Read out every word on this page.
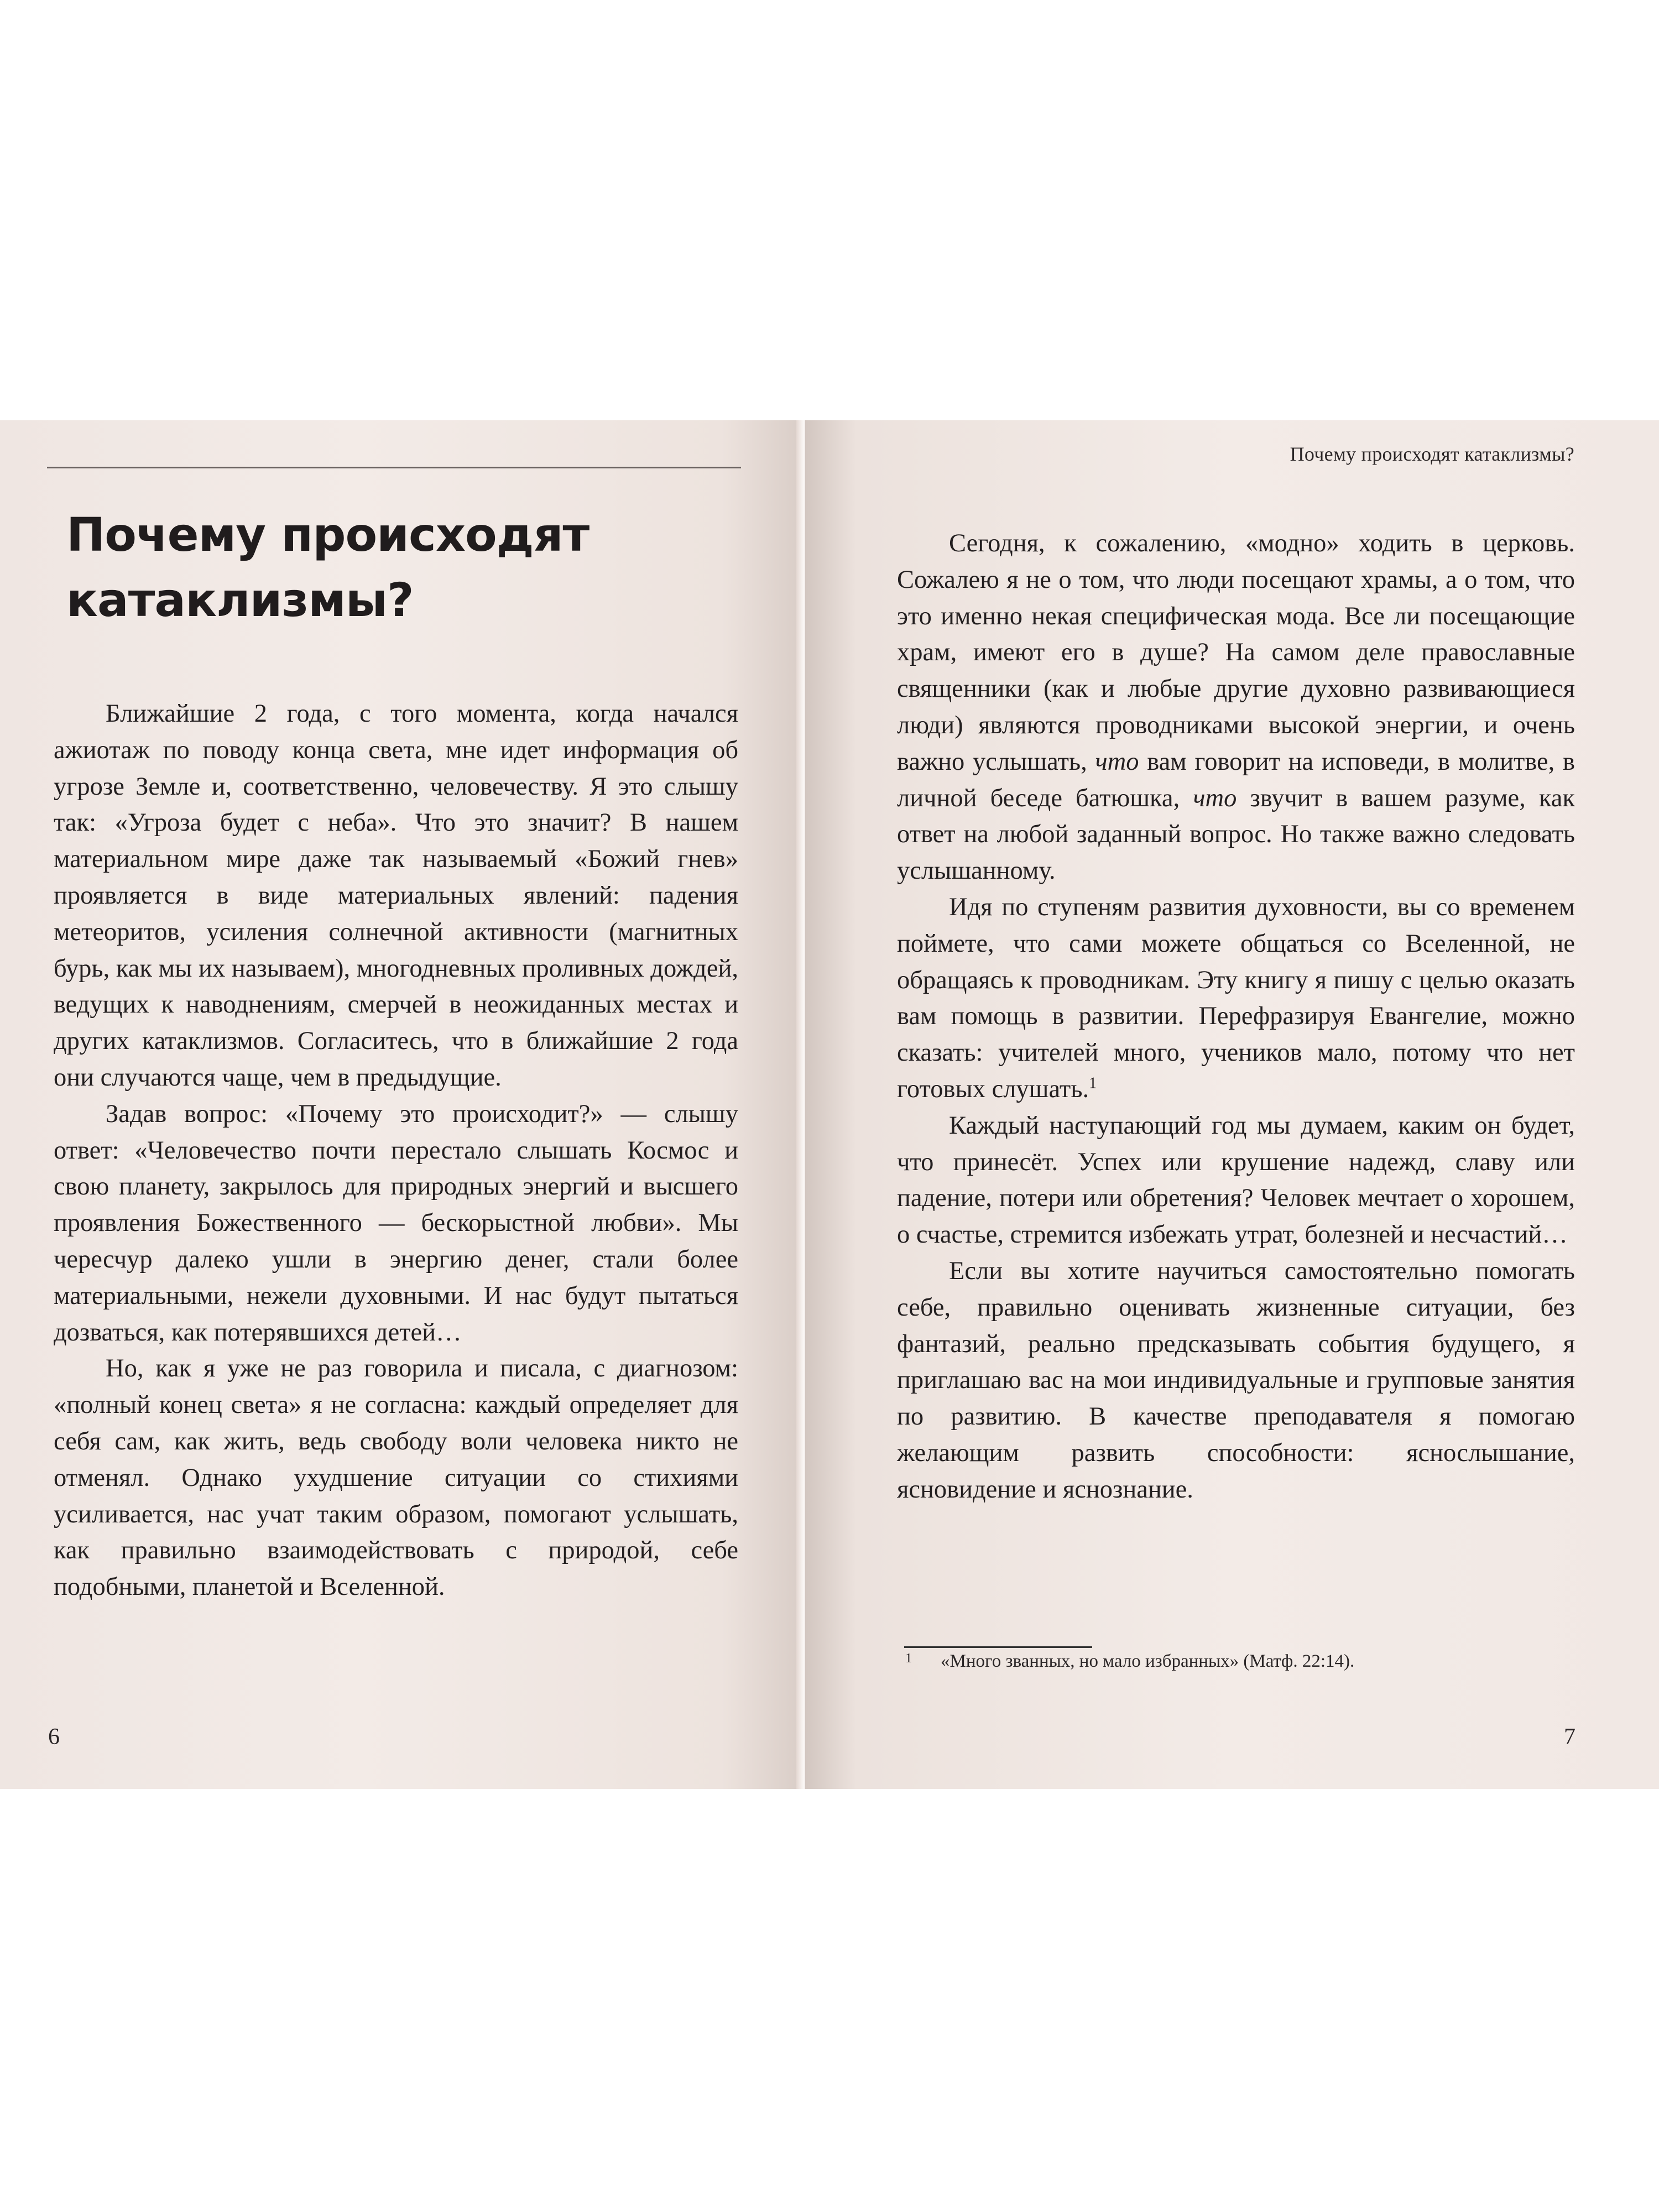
Почему происходят катаклизмы?

Ближайшие 2 года, с того момента, когда начался ажиотаж по поводу конца света, мне идет информация об угрозе Земле и, соответственно, человечеству. Я это слышу так: «Угроза будет с неба». Что это значит? В нашем материальном мире даже так называемый «Божий гнев» проявляется в виде материальных явлений: падения метеоритов, усиления солнечной активности (магнитных бурь, как мы их называем), многодневных проливных дождей, ведущих к наводнениям, смерчей в неожиданных местах и других катаклизмов. Согласитесь, что в ближайшие 2 года они случаются чаще, чем в предыдущие.

Задав вопрос: «Почему это происходит?» — слышу ответ: «Человечество почти перестало слышать Космос и свою планету, закрылось для природных энергий и высшего проявления Божественного — бескорыстной любви». Мы чересчур далеко ушли в энергию денег, стали более материальными, нежели духовными. И нас будут пытаться дозваться, как потерявшихся детей…

Но, как я уже не раз говорила и писала, с диагнозом: «полный конец света» я не согласна: каждый определяет для себя сам, как жить, ведь свободу воли человека никто не отменял. Однако ухудшение ситуации со стихиями усиливается, нас учат таким образом, помогают услышать, как правильно взаимодействовать с природой, себе подобными, планетой и Вселенной.

6
Почему происходят катаклизмы?

Сегодня, к сожалению, «модно» ходить в церковь. Сожалею я не о том, что люди посещают храмы, а о том, что это именно некая специфическая мода. Все ли посещающие храм, имеют его в душе? На самом деле православные священники (как и любые другие духовно развивающиеся люди) являются проводниками высокой энергии, и очень важно услышать, что вам говорит на исповеди, в молитве, в личной беседе батюшка, что звучит в вашем разуме, как ответ на любой заданный вопрос. Но также важно следовать услышанному.

Идя по ступеням развития духовности, вы со временем поймете, что сами можете общаться со Вселенной, не обращаясь к проводникам. Эту книгу я пишу с целью оказать вам помощь в развитии. Перефразируя Евангелие, можно сказать: учителей много, учеников мало, потому что нет готовых слушать.$^1$

Каждый наступающий год мы думаем, каким он будет, что принесёт. Успех или крушение надежд, славу или падение, потери или обретения? Человек мечтает о хорошем, о счастье, стремится избежать утрат, болезней и несчастий…

Если вы хотите научиться самостоятельно помогать себе, правильно оценивать жизненные ситуации, без фантазий, реально предсказывать события будущего, я приглашаю вас на мои индивидуальные и групповые занятия по развитию. В качестве преподавателя я помогаю желающим развить способности: яснослышание, ясновидение и яснознание.

1 «Много званных, но мало избранных» (Матф. 22:14).
7
